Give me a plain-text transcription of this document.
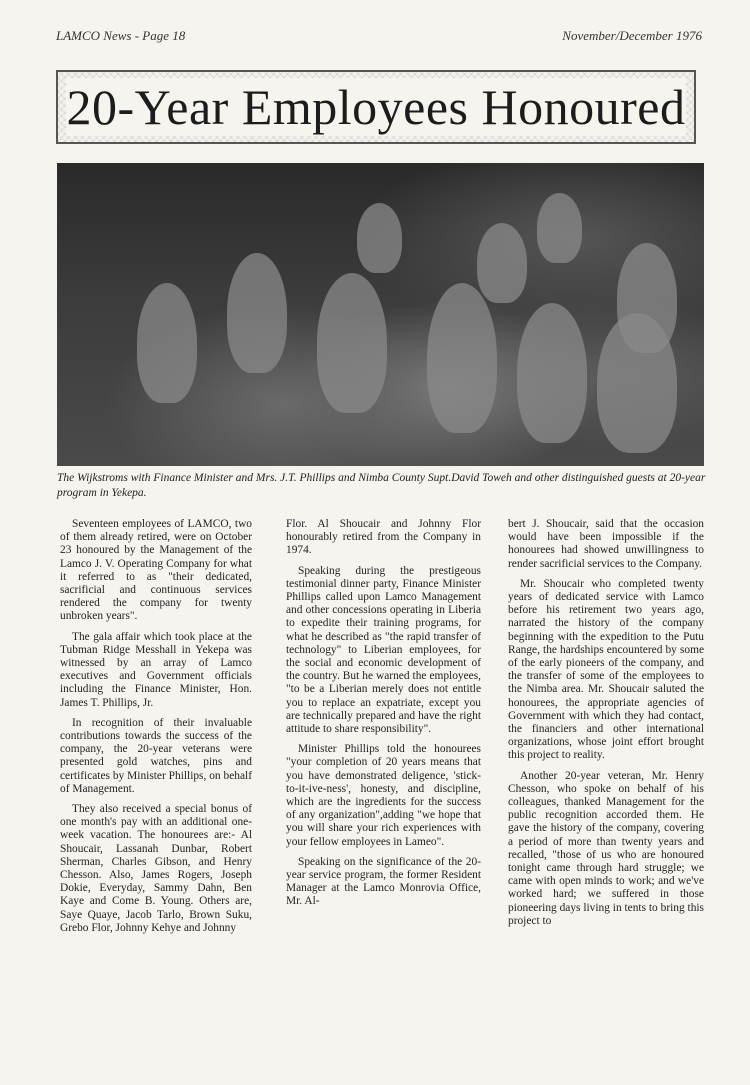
LAMCO News - Page 18	November/December 1976
20-Year Employees Honoured
The Wijkstroms with Finance Minister and Mrs. J.T. Phillips and Nimba County Supt.David Toweh and other distinguished guests at 20-year program in Yekepa.

Seventeen employees of LAMCO, two of them already retired, were on October 23 honoured by the Management of the Lamco J. V. Operating Company for what it referred to as "their dedicated, sacrificial and continuous services rendered the company for twenty unbroken years".

The gala affair which took place at the Tubman Ridge Messhall in Yekepa was witnessed by an array of Lamco executives and Government officials including the Finance Minister, Hon. James T. Phillips, Jr.

In recognition of their invaluable contributions towards the success of the company, the 20-year veterans were presented gold watches, pins and certificates by Minister Phillips, on behalf of Management.

They also received a special bonus of one month's pay with an additional one-week vacation. The honourees are:- Al Shoucair, Lassanah Dunbar, Robert Sherman, Charles Gibson, and Henry Chesson. Also, James Rogers, Joseph Dokie, Everyday, Sammy Dahn, Ben Kaye and Come B. Young. Others are, Saye Quaye, Jacob Tarlo, Brown Suku, Grebo Flor, Johnny Kehye and Johnny

Flor. Al Shoucair and Johnny Flor honourably retired from the Company in 1974.

Speaking during the prestigeous testimonial dinner party, Finance Minister Phillips called upon Lamco Management and other concessions operating in Liberia to expedite their training programs, for what he described as "the rapid transfer of technology" to Liberian employees, for the social and economic development of the country. But he warned the employees, "to be a Liberian merely does not entitle you to replace an expatriate, except you are technically prepared and have the right attitude to share responsibility".

Minister Phillips told the honourees "your completion of 20 years means that you have demonstrated deligence, 'stick-to-it-ive-ness', honesty, and discipline, which are the ingredients for the success of any organization",adding "we hope that you will share your rich experiences with your fellow employees in Lameo".

Speaking on the significance of the 20-year service program, the former Resident Manager at the Lamco Monrovia Office, Mr. Al-

bert J. Shoucair, said that the occasion would have been impossible if the honourees had showed unwillingness to render sacrificial services to the Company.

Mr. Shoucair who completed twenty years of dedicated service with Lamco before his retirement two years ago, narrated the history of the company beginning with the expedition to the Putu Range, the hardships encountered by some of the early pioneers of the company, and the transfer of some of the employees to the Nimba area. Mr. Shoucair saluted the honourees, the appropriate agencies of Government with which they had contact, the financiers and other international organizations, whose joint effort brought this project to reality.

Another 20-year veteran, Mr. Henry Chesson, who spoke on behalf of his colleagues, thanked Management for the public recognition accorded them. He gave the history of the company, covering a period of more than twenty years and recalled, "those of us who are honoured tonight came through hard struggle; we came with open minds to work; and we've worked hard; we suffered in those pioneering days living in tents to bring this project to
